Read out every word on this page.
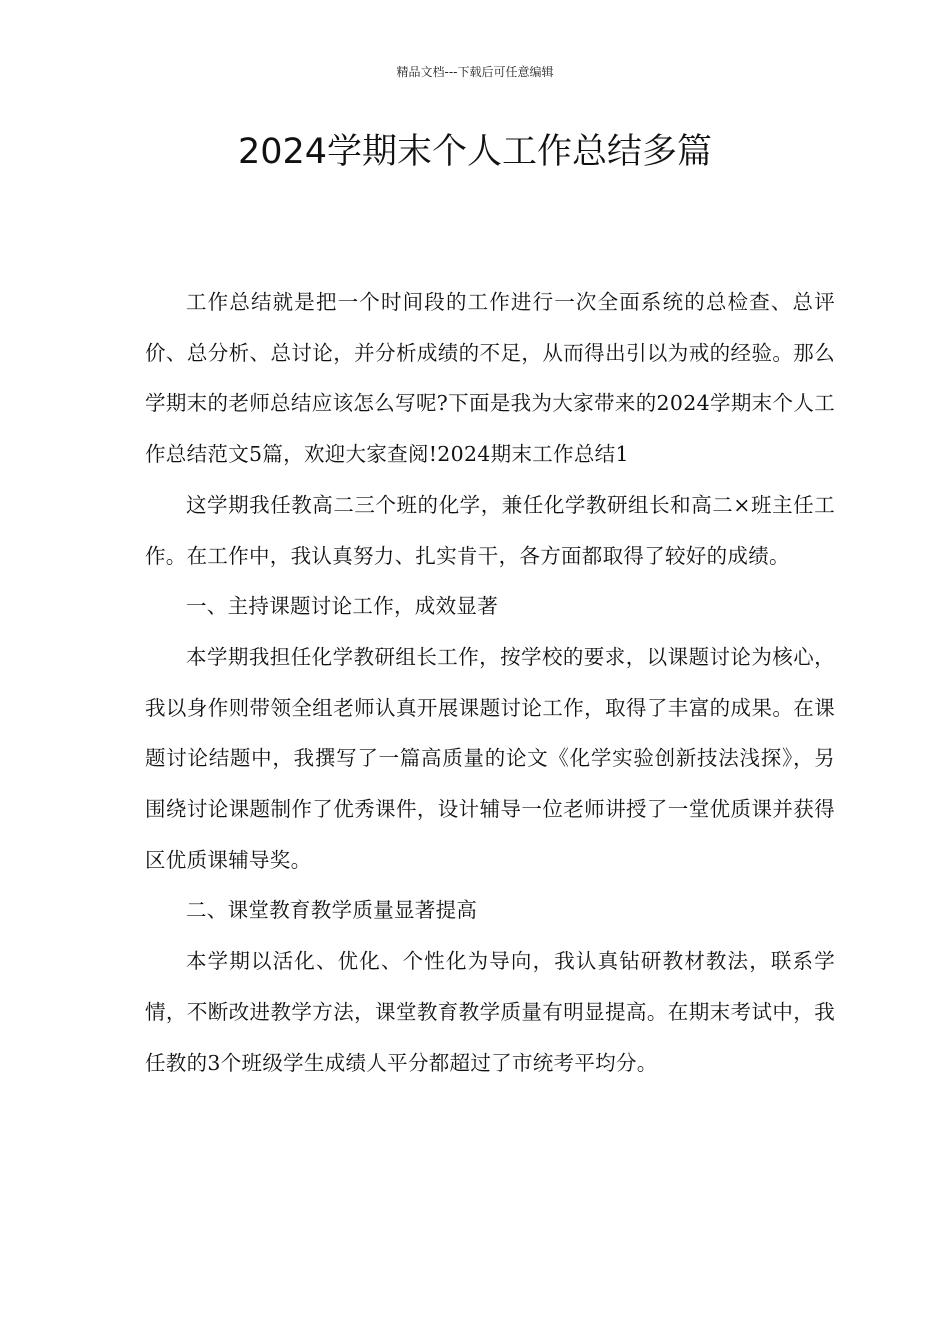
精品文档---下载后可任意编辑
2024学期末个人工作总结多篇

工作总结就是把一个时间段的工作进行一次全面系统的总检查、总评价、总分析、总讨论，并分析成绩的不足，从而得出引以为戒的经验。那么学期末的老师总结应该怎么写呢?下面是我为大家带来的2024学期末个人工作总结范文5篇，欢迎大家查阅!2024期末工作总结1

这学期我任教高二三个班的化学，兼任化学教研组长和高二×班主任工作。在工作中，我认真努力、扎实肯干，各方面都取得了较好的成绩。

一、主持课题讨论工作，成效显著

本学期我担任化学教研组长工作，按学校的要求，以课题讨论为核心，我以身作则带领全组老师认真开展课题讨论工作，取得了丰富的成果。在课题讨论结题中，我撰写了一篇高质量的论文《化学实验创新技法浅探》，另围绕讨论课题制作了优秀课件，设计辅导一位老师讲授了一堂优质课并获得区优质课辅导奖。

二、课堂教育教学质量显著提高

本学期以活化、优化、个性化为导向，我认真钻研教材教法，联系学情，不断改进教学方法，课堂教育教学质量有明显提高。在期末考试中，我任教的3个班级学生成绩人平分都超过了市统考平均分。
